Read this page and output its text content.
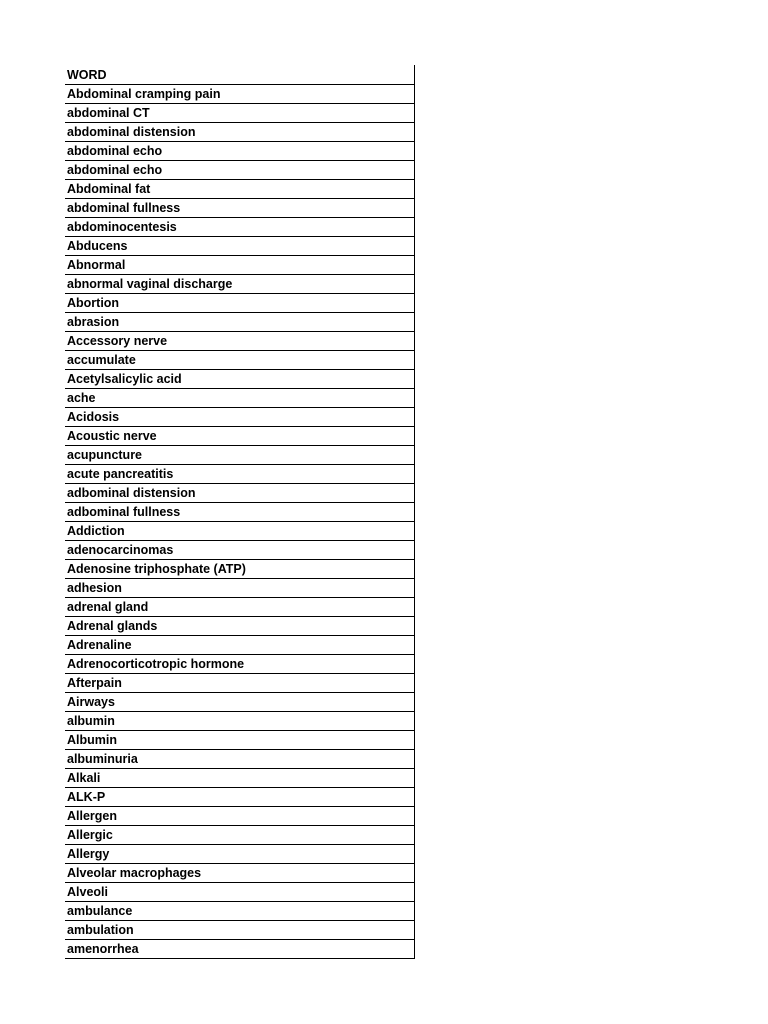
WORD
Abdominal cramping pain
abdominal CT
abdominal distension
abdominal echo
abdominal echo
Abdominal fat
abdominal fullness
abdominocentesis
Abducens
Abnormal
abnormal vaginal discharge
Abortion
abrasion
Accessory nerve
accumulate
Acetylsalicylic acid
ache
Acidosis
Acoustic nerve
acupuncture
acute pancreatitis
adbominal distension
adbominal fullness
Addiction
adenocarcinomas
Adenosine triphosphate (ATP)
adhesion
adrenal gland
Adrenal glands
Adrenaline
Adrenocorticotropic hormone
Afterpain
Airways
albumin
Albumin
albuminuria
Alkali
ALK-P
Allergen
Allergic
Allergy
Alveolar macrophages
Alveoli
ambulance
ambulation
amenorrhea
